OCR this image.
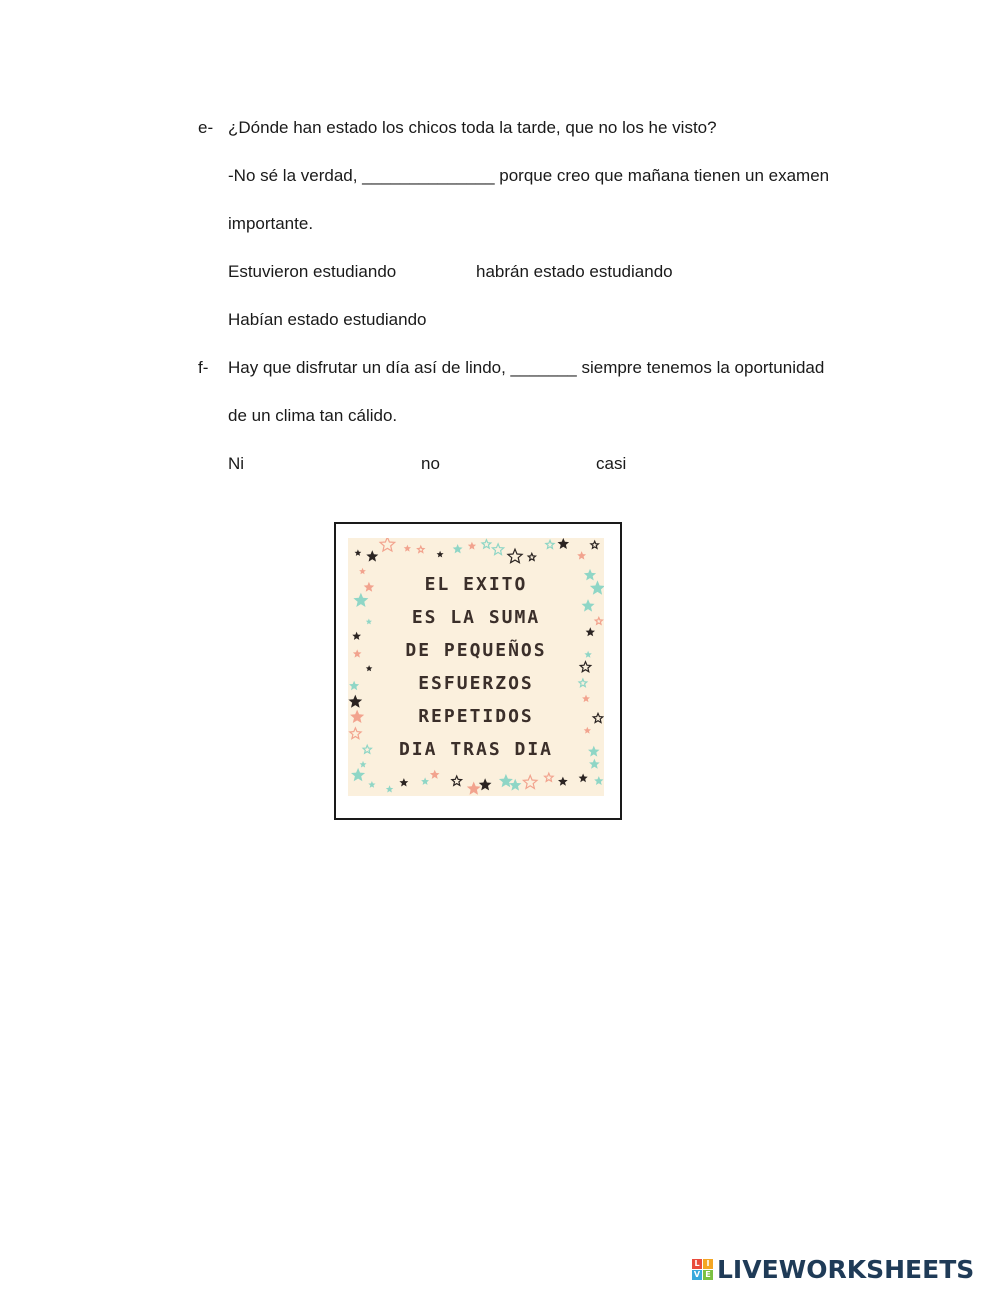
e- ¿Dónde han estado los chicos toda la tarde, que no los he visto?
-No sé la verdad, ______________ porque creo que mañana tienen un examen
importante.
Estuvieron estudiando	habrán estado estudiando
Habían estado estudiando
f- Hay que disfrutar un día así de lindo, _______ siempre tenemos la oportunidad
de un clima tan cálido.
Ni	no	casi
EL EXITO
ES LA SUMA
DE PEQUEÑOS
ESFUERZOS
REPETIDOS
DIA TRAS DIA
L I
V E LIVEWORKSHEETS
